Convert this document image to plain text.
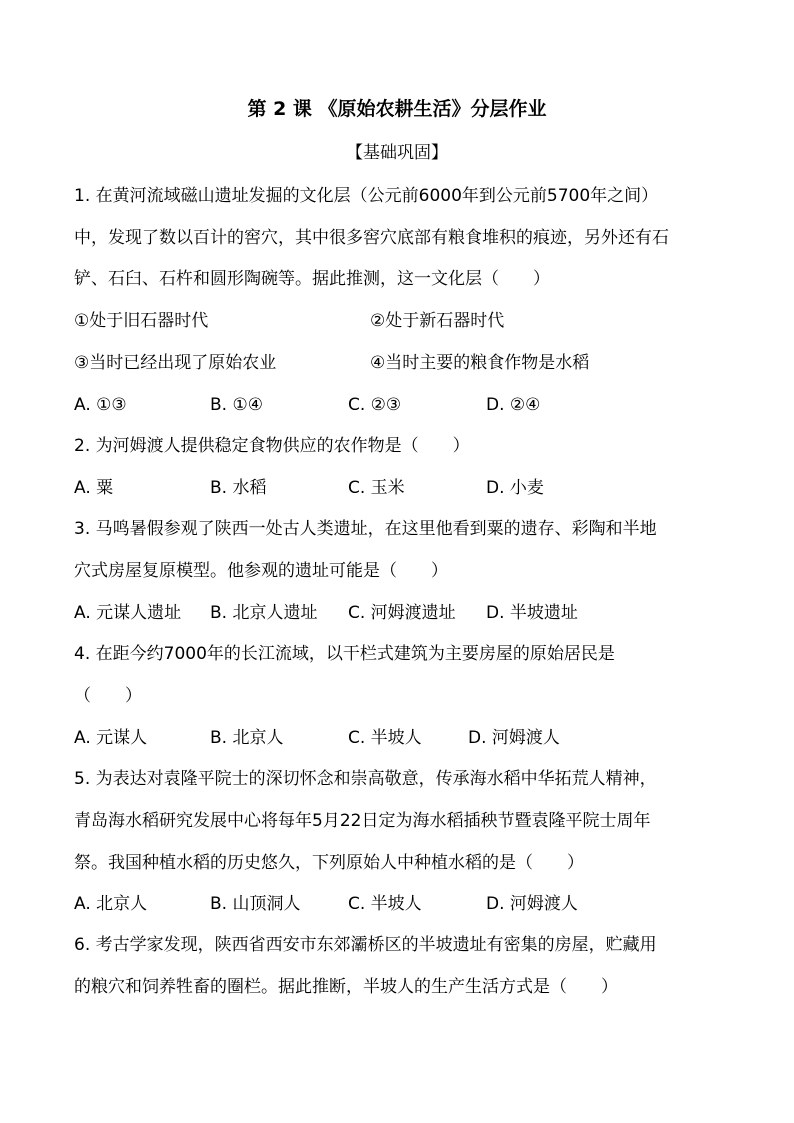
第 2 课 《原始农耕生活》分层作业
【基础巩固】
1. 在黄河流域磁山遗址发掘的文化层（公元前6000年到公元前5700年之间）
中，发现了数以百计的窖穴，其中很多窖穴底部有粮食堆积的痕迹，另外还有石
铲、石臼、石杵和圆形陶碗等。据此推测，这一文化层（　　）
①处于旧石器时代	②处于新石器时代
③当时已经出现了原始农业	④当时主要的粮食作物是水稻
A. ①③	B. ①④	C. ②③	D. ②④
2. 为河姆渡人提供稳定食物供应的农作物是（　　）
A. 粟	B. 水稻	C. 玉米	D. 小麦
3. 马鸣暑假参观了陕西一处古人类遗址，在这里他看到粟的遗存、彩陶和半地
穴式房屋复原模型。他参观的遗址可能是（　　）
A. 元谋人遗址 B. 北京人遗址 C. 河姆渡遗址 D. 半坡遗址
4. 在距今约7000年的长江流域，以干栏式建筑为主要房屋的原始居民是
（　　）
A. 元谋人	B. 北京人	C. 半坡人	D. 河姆渡人
5. 为表达对袁隆平院士的深切怀念和崇高敬意，传承海水稻中华拓荒人精神，
青岛海水稻研究发展中心将每年5月22日定为海水稻插秧节暨袁隆平院士周年
祭。我国种植水稻的历史悠久，下列原始人中种植水稻的是（　　）
A. 北京人	B. 山顶洞人	C. 半坡人	D. 河姆渡人
6. 考古学家发现，陕西省西安市东郊灞桥区的半坡遗址有密集的房屋，贮藏用
的粮穴和饲养牲畜的圈栏。据此推断，半坡人的生产生活方式是（　　）
